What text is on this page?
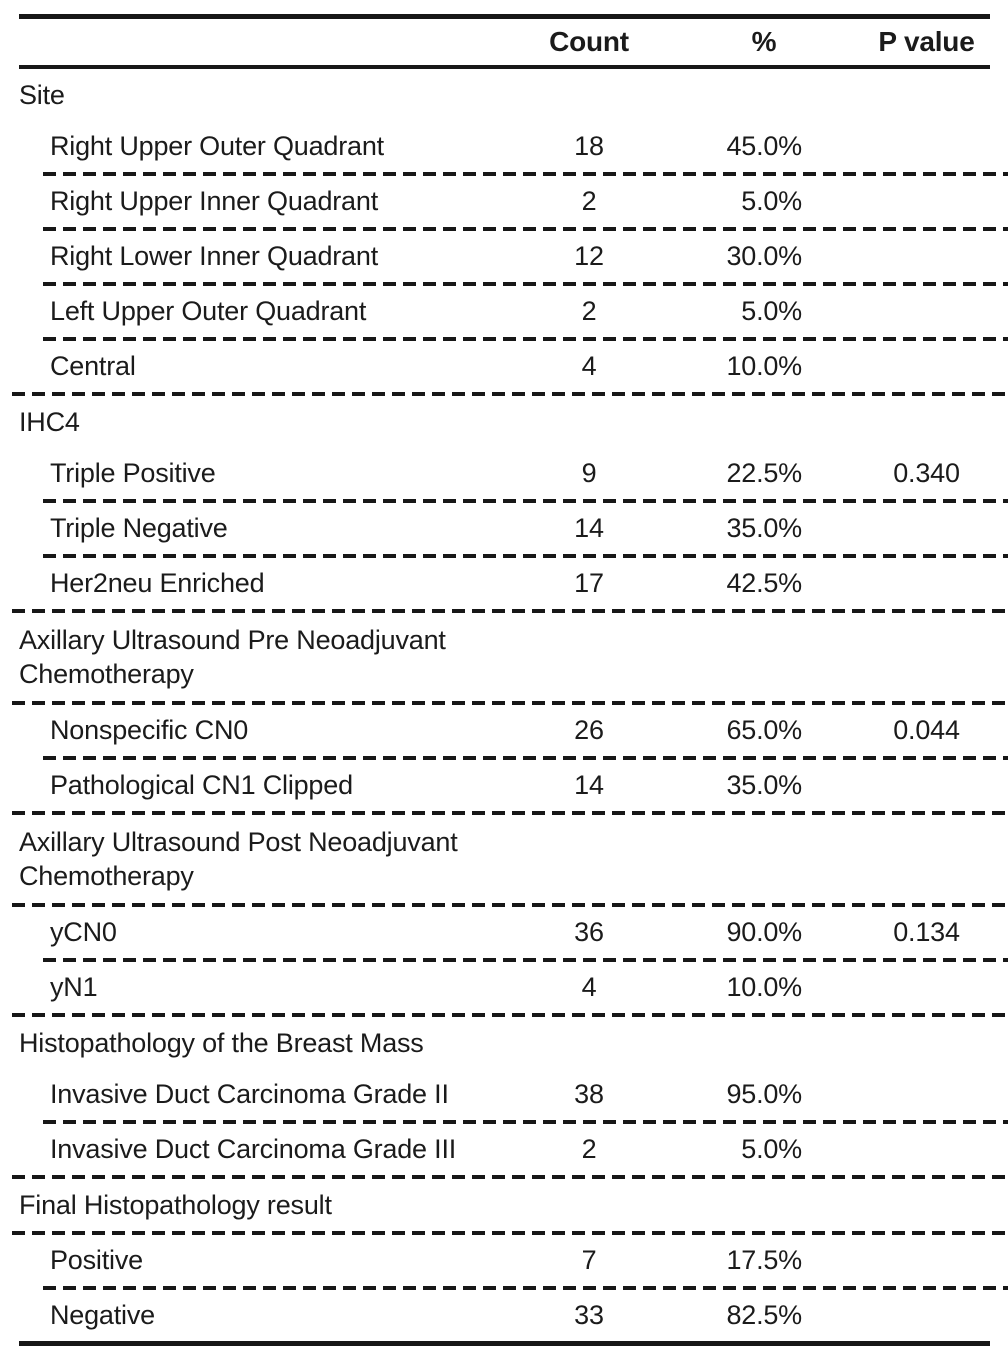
Count	%	P value
Site
Right Upper Outer Quadrant	18	45.0%
Right Upper Inner Quadrant	2	5.0%
Right Lower Inner Quadrant	12	30.0%
Left Upper Outer Quadrant	2	5.0%
Central	4	10.0%
IHC4
Triple Positive	9	22.5%	0.340
Triple Negative	14	35.0%
Her2neu Enriched	17	42.5%
Axillary Ultrasound Pre Neoadjuvant
Chemotherapy
Nonspecific CN0	26	65.0%	0.044
Pathological CN1 Clipped	14	35.0%
Axillary Ultrasound Post Neoadjuvant
Chemotherapy
yCN0	36	90.0%	0.134
yN1	4	10.0%
Histopathology of the Breast Mass
Invasive Duct Carcinoma Grade II	38	95.0%
Invasive Duct Carcinoma Grade III	2	5.0%
Final Histopathology result
Positive	7	17.5%
Negative	33	82.5%
